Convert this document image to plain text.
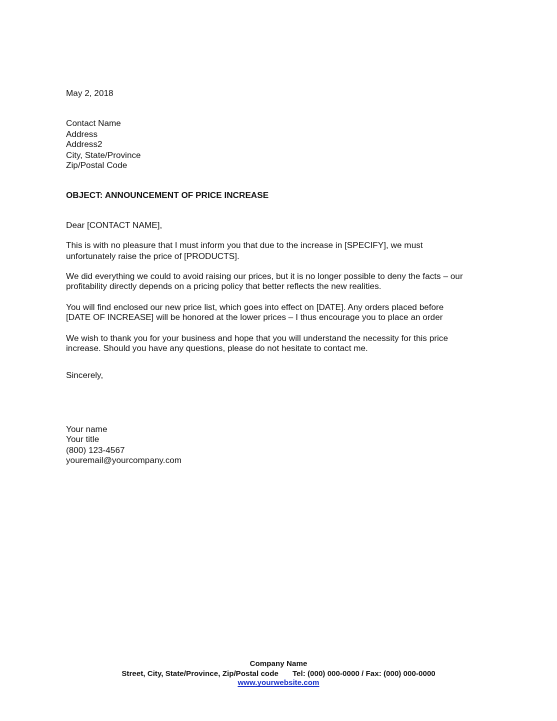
May 2, 2018
Contact Name
Address
Address2
City, State/Province
Zip/Postal Code
OBJECT: ANNOUNCEMENT OF PRICE INCREASE
Dear [CONTACT NAME],
This is with no pleasure that I must inform you that due to the increase in [SPECIFY], we must
unfortunately raise the price of [PRODUCTS].
We did everything we could to avoid raising our prices, but it is no longer possible to deny the facts – our
profitability directly depends on a pricing policy that better reflects the new realities.
You will find enclosed our new price list, which goes into effect on [DATE]. Any orders placed before
[DATE OF INCREASE] will be honored at the lower prices – I thus encourage you to place an order
We wish to thank you for your business and hope that you will understand the necessity for this price
increase. Should you have any questions, please do not hesitate to contact me.
Sincerely,
Your name
Your title
(800) 123-4567
youremail@yourcompany.com
Company Name
Street, City, State/Province, Zip/Postal code Tel: (000) 000-0000 / Fax: (000) 000-0000
www.yourwebsite.com
